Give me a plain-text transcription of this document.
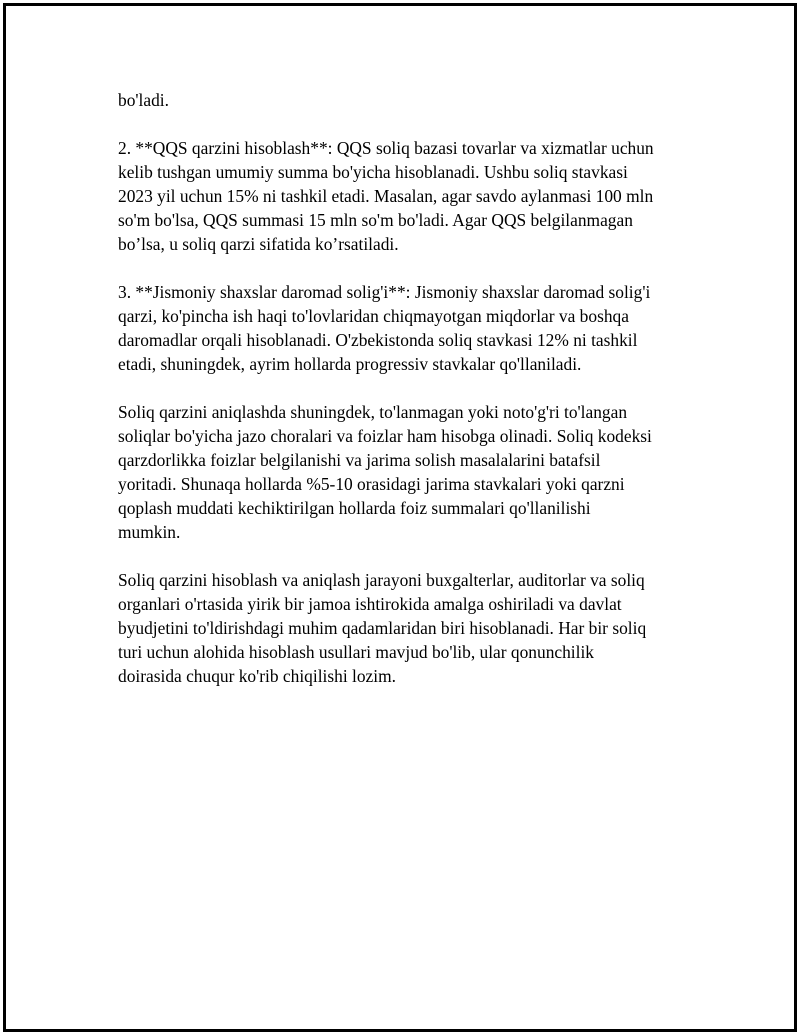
bo'ladi.

2. **QQS qarzini hisoblash**: QQS soliq bazasi tovarlar va xizmatlar uchun
kelib tushgan umumiy summa bo'yicha hisoblanadi. Ushbu soliq stavkasi
2023 yil uchun 15% ni tashkil etadi. Masalan, agar savdo aylanmasi 100 mln
so'm bo'lsa, QQS summasi 15 mln so'm bo'ladi. Agar QQS belgilanmagan
bo’lsa, u soliq qarzi sifatida ko’rsatiladi.

3. **Jismoniy shaxslar daromad solig'i**: Jismoniy shaxslar daromad solig'i
qarzi, ko'pincha ish haqi to'lovlaridan chiqmayotgan miqdorlar va boshqa
daromadlar orqali hisoblanadi. O'zbekistonda soliq stavkasi 12% ni tashkil
etadi, shuningdek, ayrim hollarda progressiv stavkalar qo'llaniladi.

Soliq qarzini aniqlashda shuningdek, to'lanmagan yoki noto'g'ri to'langan
soliqlar bo'yicha jazo choralari va foizlar ham hisobga olinadi. Soliq kodeksi
qarzdorlikka foizlar belgilanishi va jarima solish masalalarini batafsil
yoritadi. Shunaqa hollarda %5-10 orasidagi jarima stavkalari yoki qarzni
qoplash muddati kechiktirilgan hollarda foiz summalari qo'llanilishi
mumkin.

Soliq qarzini hisoblash va aniqlash jarayoni buxgalterlar, auditorlar va soliq
organlari o'rtasida yirik bir jamoa ishtirokida amalga oshiriladi va davlat
byudjetini to'ldirishdagi muhim qadamlaridan biri hisoblanadi. Har bir soliq
turi uchun alohida hisoblash usullari mavjud bo'lib, ular qonunchilik
doirasida chuqur ko'rib chiqilishi lozim.
